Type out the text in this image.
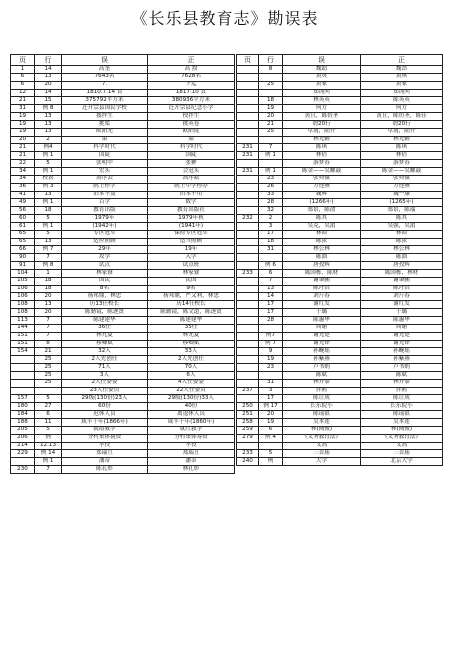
《长乐县教育志》勘误表
页	行	误	正
1	14	高奎	高 揆
6	13	7643名	7628名
6	20	7.	下迄
12	14	1810.7.14 頁	1817.10 頁
21	15	375792平方米	380936平方米
31	例 8	迕开宗县国民学校	迕开宗县纪念小学
19	13	援拌生	授拌生
19	13	挑渠	挑英卷
19	13	欧阳光	欧阳徒
20	2	染	染
21	例4	科学时代	科学时代
21	例 1	国陡	国陡
22	5	张明中	张翀
34	例 1	宏头	会冠头
34	校表	高序云	高序耘
36	例 3	鸥上停学	鸥上中学停办
41	13	旧本不及	旧本不用
49	例 1	百学	数学
56	18	教育出版	教育出版社
60	5	1979年	1979年秋
61	例 1	(1942年)	(1941年)
65	5	专区冠军	保持专区冠军
65	13	适应照顾	适当照顾
66	例 7	29年	19年
90	7	攻学	入学
91	例 8	试点	试点班
104	1	林家寮	林家寮
105	18	国民	民国
106	18	8名	9名
106	20	扬邦鼎，林忠	扬邦鼎，严又利，林忠
108	13	历13任校长	历14任校长
108	20	陈勤镜，陈逐贤	陈勤镜，陈文道，陈逐贤
113	7	陈建建华	陈建建华
144	7	36任	35任
151	7	林元夏	林元夏
151	8	移卿斌	移卿斌
154	21	32人	33人
	25	2人先创任	2人先创任
	25	71人	70人
	25	3人	6人
	25	2人任委委	4人任委委
		23人任委员	22人任委员
157	5	29级(130份)23人	29级(130份)33人
180	27	60份	40份
184	6	迟休人员	离退休人员
188	11	咸丰十年(1866年)	咸丰十年(1860年)
205	5	就缙教学	就红教学
206	例	分村集体挑资	分村集体筹资
214	12.13	孝役	孝役
229	例 14	郑瑞亘	郑瑞亘
	例 1	潘蒂	潘蒂
230	7	陈孔彰	林孔彰
页	行	误	正
	8	魏助	魏昂
		黄英	黄琪
	25	黄家	黄家
		郑纯向	郑纯向
	18	林英英	陈英英
	19	何方	何方
	20	黄且，陈仿圣	黄且，陈仿圣，陈佳
	21	谓20行	谓20行
	25	卓南，陆介	卓南，陆介
		林光辅	林光辅
231	7	陈琪	陈琪
231	例 1	林倍	林倍
		游梦春	游梦春
231	例 1	陈金——吴螺载	陈金——吴螺载
	23	张舜微	张舜微
	26	方连燕	方连燕
	33	魏辉	魏一康
	28	(1266年)	(1265年)
	32	郑景，陈俞	郑景，陈瑞
232	2	陈其	陈其
	3	吴克，吴湄	吴强，吴湄
	17	林谭	林谭
	18	陈浓	陈浓
	31	林公林	林公林
		陈溜	陈溜
	例 6	唐孜辉	唐孜辉
233	6	陈国栋，陈材	陈国栋，林材
	7	谢肇鹏	谢肇鹏
	13	陈圩洪	陈圩洪
	14	刘斤春	刘斤春
	17	谢红发	谢红发
	17	于璐	于璐
	28	陈惠华	陈惠华
		周谢	周谢
	例7	谢光楚	谢光楚
	例 7	谢光铎	谢光铎
	9	孙畹瑶	孙畹瑶
	19	孙紫燕	孙紫燕
	23	卢书炳	卢书炳
		陈斌	陈斌
	31	林开泰	林开泰
237	3	拌鸥	拌鸥
	17	陈让成	陈让成
250	例 17	长乐院小	长乐院小
251	20	陈瑶银	陈瑶银
258	19	吴本莲	吴本莲
259	6	林(陶俊)	林(陶俊)
279	例 4	《义务教育法》	《义务教育法》
		义高	义高
233	5	三首庙	三首庙
240	例	大学	北京大学
